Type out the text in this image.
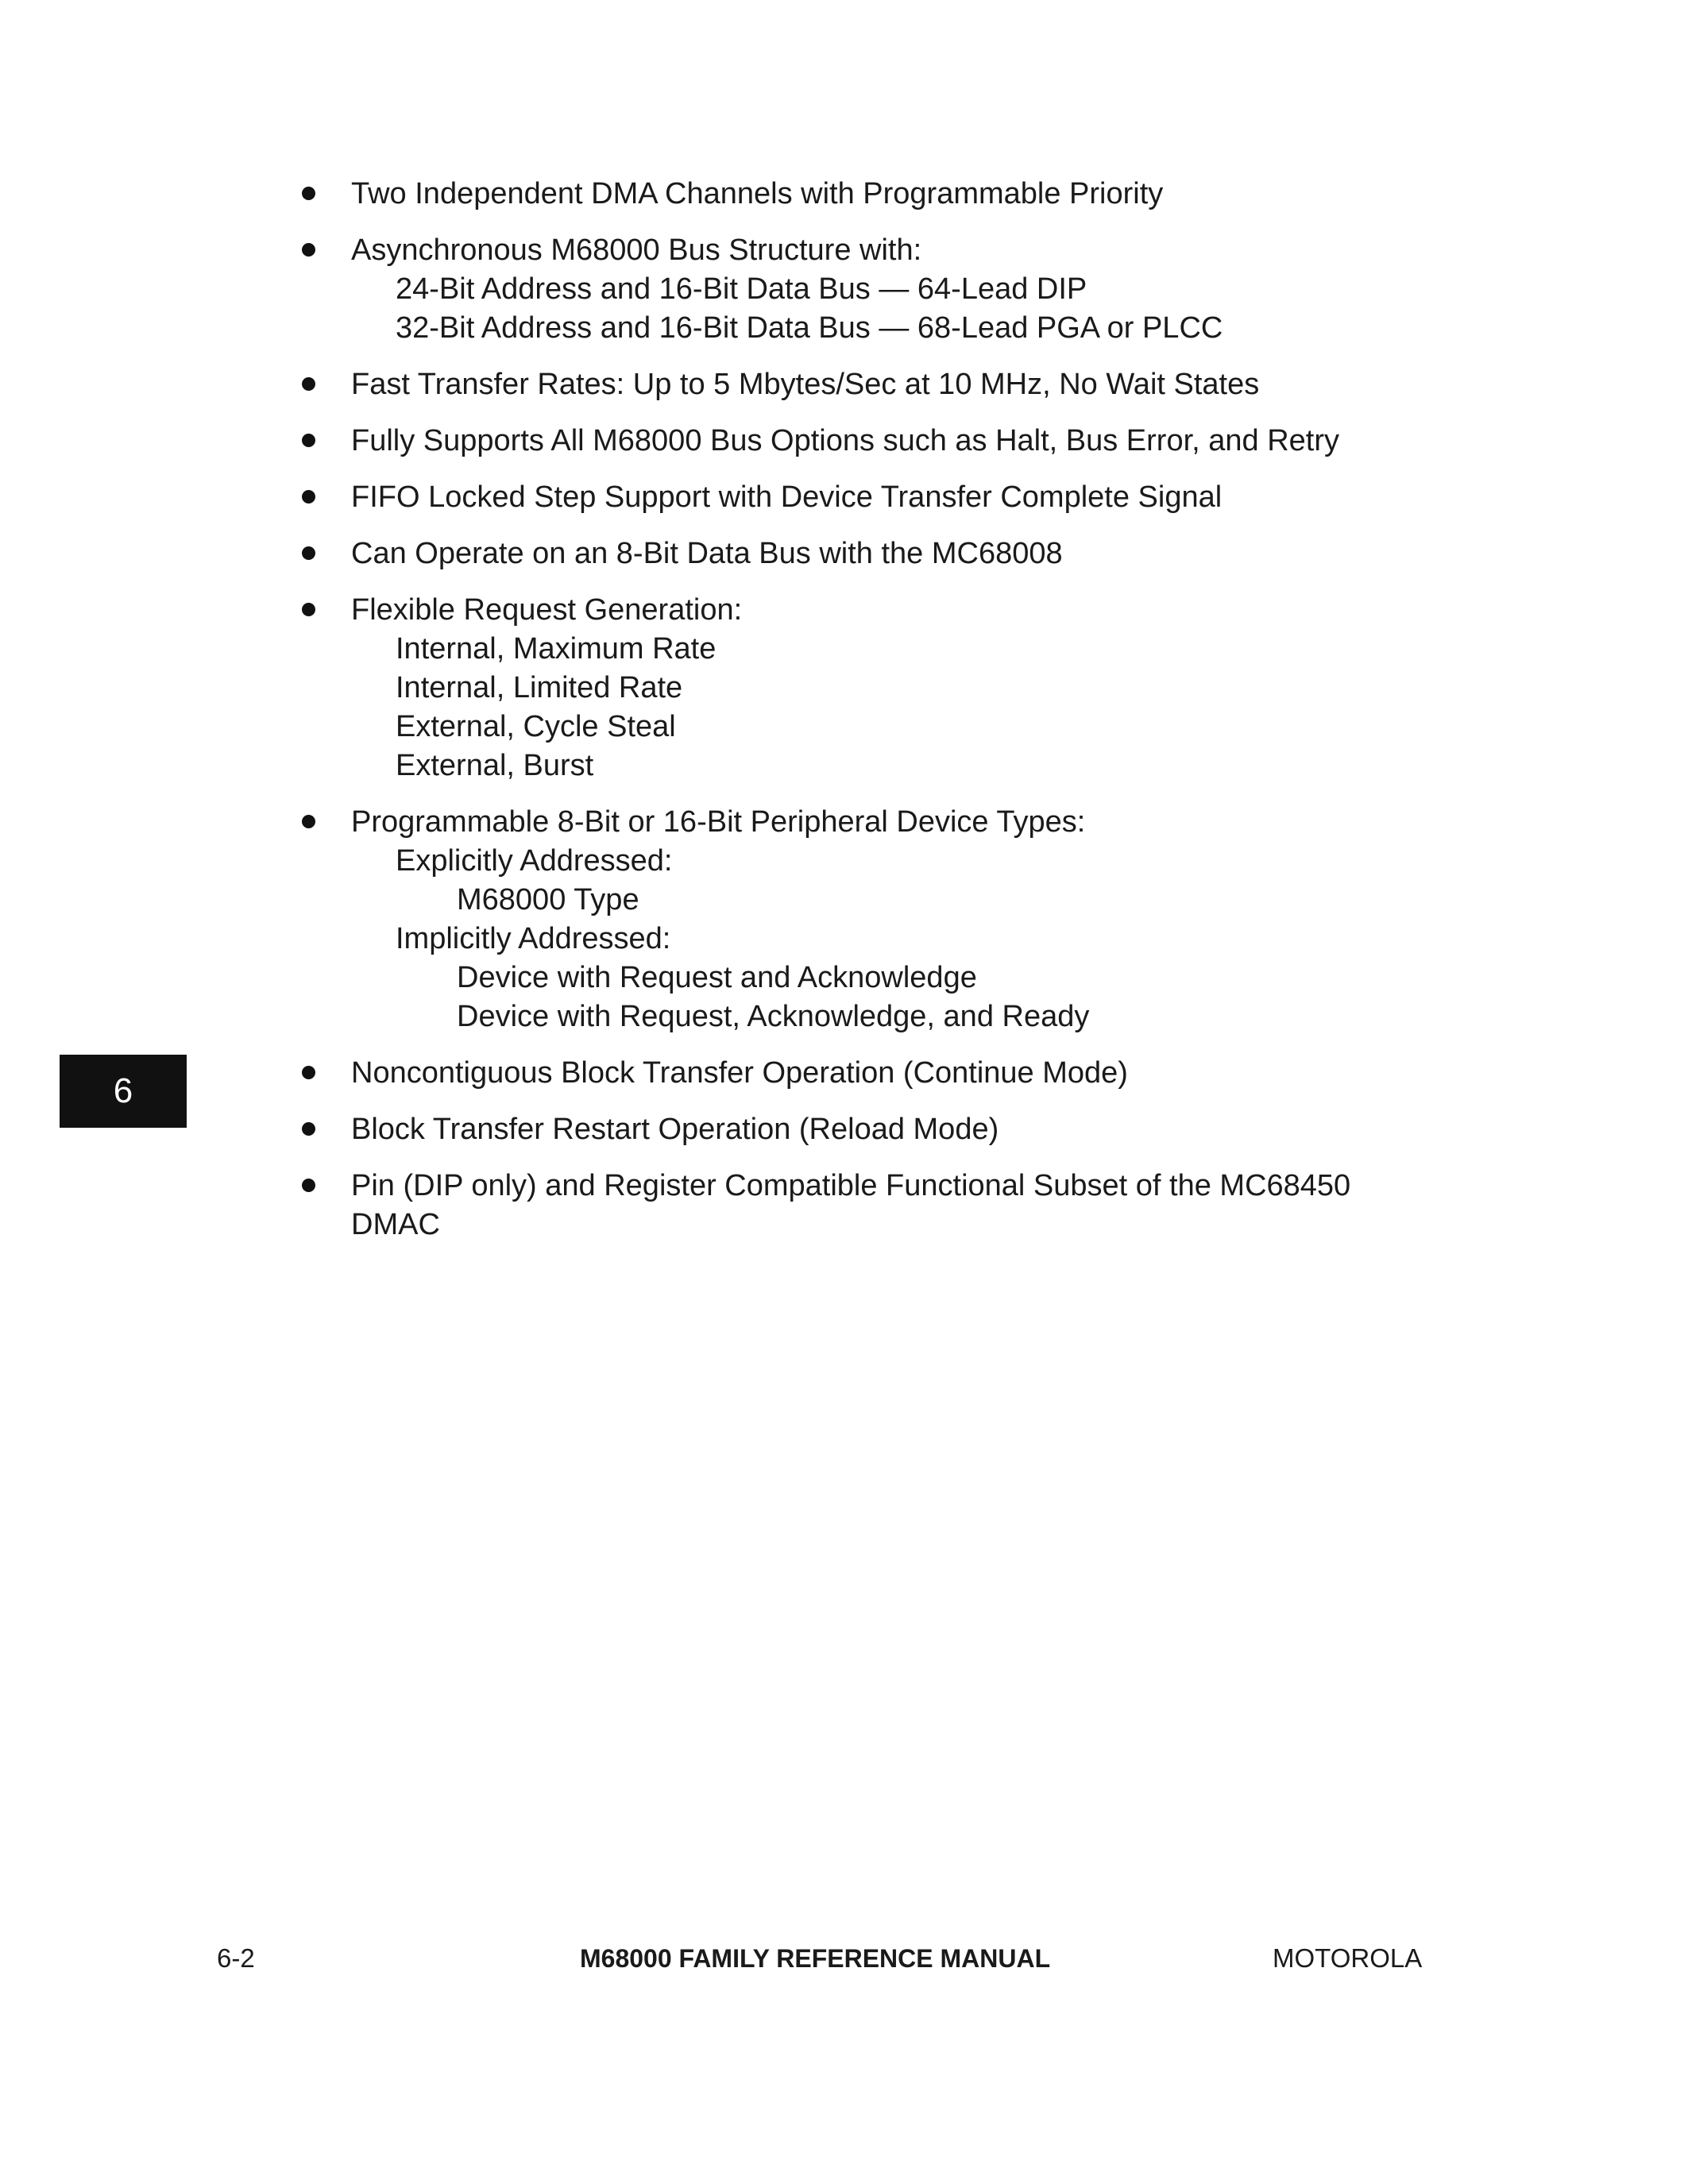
Two Independent DMA Channels with Programmable Priority
Asynchronous M68000 Bus Structure with:
24-Bit Address and 16-Bit Data Bus — 64-Lead DIP
32-Bit Address and 16-Bit Data Bus — 68-Lead PGA or PLCC
Fast Transfer Rates: Up to 5 Mbytes/Sec at 10 MHz, No Wait States
Fully Supports All M68000 Bus Options such as Halt, Bus Error, and Retry
FIFO Locked Step Support with Device Transfer Complete Signal
Can Operate on an 8-Bit Data Bus with the MC68008
Flexible Request Generation:
Internal, Maximum Rate
Internal, Limited Rate
External, Cycle Steal
External, Burst
Programmable 8-Bit or 16-Bit Peripheral Device Types:
Explicitly Addressed:
M68000 Type
Implicitly Addressed:
Device with Request and Acknowledge
Device with Request, Acknowledge, and Ready
Noncontiguous Block Transfer Operation (Continue Mode)
Block Transfer Restart Operation (Reload Mode)
Pin (DIP only) and Register Compatible Functional Subset of the MC68450
DMAC
6
6-2	M68000 FAMILY REFERENCE MANUAL	MOTOROLA
